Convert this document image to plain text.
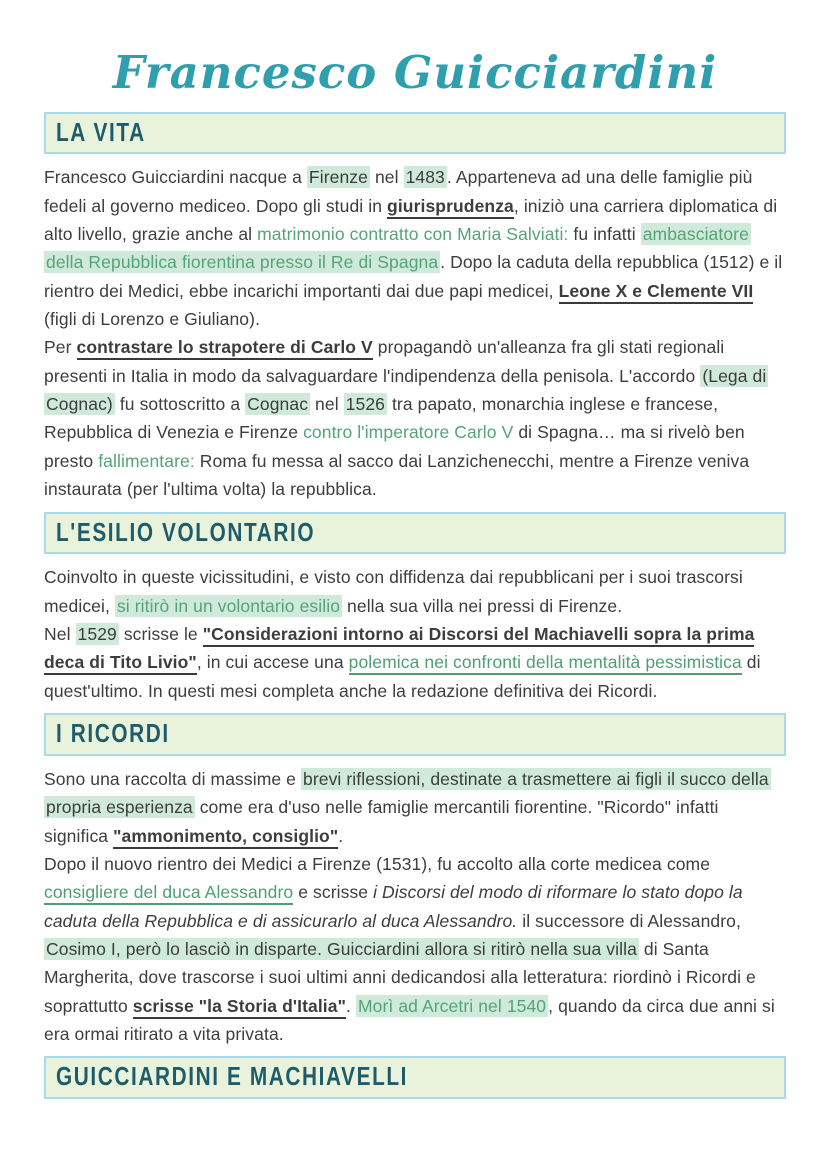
Francesco Guicciardini
LA VITA

Francesco Guicciardini nacque a Firenze nel 1483 . Apparteneva ad una delle famiglie più fedeli al governo mediceo. Dopo gli studi in giurisprudenza, iniziò una carriera diplomatica di alto livello, grazie anche al matrimonio contratto con Maria Salviati: fu infatti ambasciatore della Repubblica fiorentina presso il Re di Spagna . Dopo la caduta della repubblica (1512) e il rientro dei Medici, ebbe incarichi importanti dai due papi medicei, Leone X e Clemente VII (figli di Lorenzo e Giuliano).
Per contrastare lo strapotere di Carlo V propagandò un'alleanza fra gli stati regionali presenti in Italia in modo da salvaguardare l'indipendenza della penisola. L'accordo (Lega di Cognac) fu sottoscritto a Cognac nel 1526 tra papato, monarchia inglese e francese, Repubblica di Venezia e Firenze contro l'imperatore Carlo V di Spagna… ma si rivelò ben presto fallimentare: Roma fu messa al sacco dai Lanzichenecchi, mentre a Firenze veniva instaurata (per l'ultima volta) la repubblica.

L'ESILIO VOLONTARIO

Coinvolto in queste vicissitudini, e visto con diffidenza dai repubblicani per i suoi trascorsi medicei, si ritirò in un volontario esilio nella sua villa nei pressi di Firenze.
Nel 1529 scrisse le "Considerazioni intorno ai Discorsi del Machiavelli sopra la prima deca di Tito Livio", in cui accese una polemica nei confronti della mentalità pessimistica di quest'ultimo. In questi mesi completa anche la redazione definitiva dei Ricordi.

I RICORDI

Sono una raccolta di massime e brevi riflessioni, destinate a trasmettere ai figli il succo della propria esperienza come era d'uso nelle famiglie mercantili fiorentine. "Ricordo" infatti significa "ammonimento, consiglio".
Dopo il nuovo rientro dei Medici a Firenze (1531), fu accolto alla corte medicea come consigliere del duca Alessandro e scrisse i Discorsi del modo di riformare lo stato dopo la caduta della Repubblica e di assicurarlo al duca Alessandro. il successore di Alessandro, Cosimo I, però lo lasciò in disparte. Guicciardini allora si ritirò nella sua villa di Santa Margherita, dove trascorse i suoi ultimi anni dedicandosi alla letteratura: riordinò i Ricordi e soprattutto scrisse "la Storia d'Italia". Morì ad Arcetri nel 1540 , quando da circa due anni si era ormai ritirato a vita privata.

GUICCIARDINI E MACHIAVELLI
